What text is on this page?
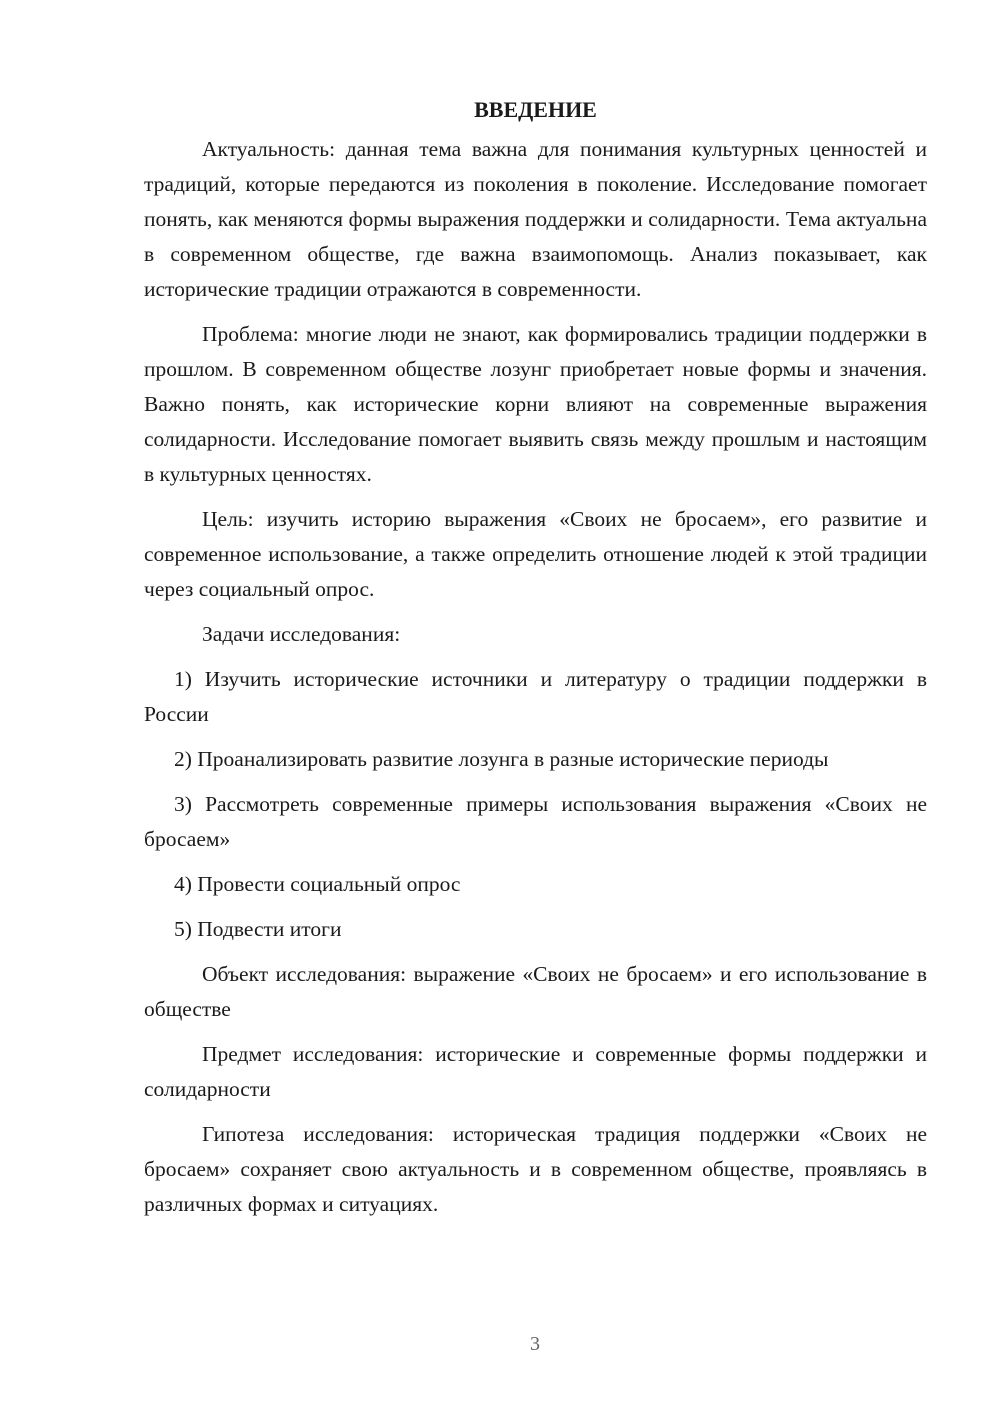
ВВЕДЕНИЕ

Актуальность: данная тема важна для понимания культурных ценностей и традиций, которые передаются из поколения в поколение. Исследование помогает понять, как меняются формы выражения поддержки и солидарности. Тема актуальна в современном обществе, где важна взаимопомощь. Анализ показывает, как исторические традиции отражаются в современности.

Проблема: многие люди не знают, как формировались традиции поддержки в прошлом. В современном обществе лозунг приобретает новые формы и значения. Важно понять, как исторические корни влияют на современные выражения солидарности. Исследование помогает выявить связь между прошлым и настоящим в культурных ценностях.

Цель: изучить историю выражения «Своих не бросаем», его развитие и современное использование, а также определить отношение людей к этой традиции через социальный опрос.

Задачи исследования:

1) Изучить исторические источники и литературу о традиции поддержки в России

2) Проанализировать развитие лозунга в разные исторические периоды

3) Рассмотреть современные примеры использования выражения «Своих не бросаем»

4) Провести социальный опрос

5) Подвести итоги

Объект исследования: выражение «Своих не бросаем» и его использование в обществе

Предмет исследования: исторические и современные формы поддержки и солидарности

Гипотеза исследования: историческая традиция поддержки «Своих не бросаем» сохраняет свою актуальность и в современном обществе, проявляясь в различных формах и ситуациях.

3
